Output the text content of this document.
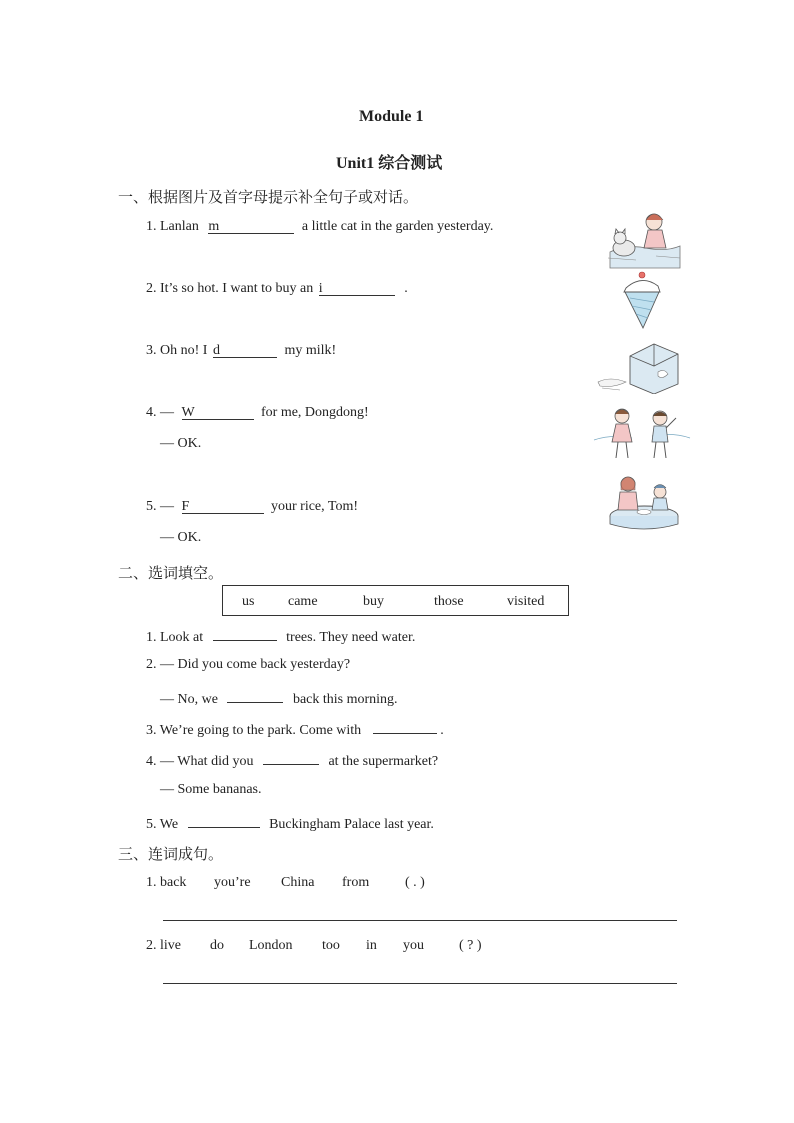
Module 1
Unit1 综合测试
一、根据图片及首字母提示补全句子或对话。
1. Lanlan m	a little cat in the garden yesterday.
2. It’s so hot. I want to buy an i	.
3. Oh no! I d	my milk!
4. — W	for me, Dongdong!
— OK.
5. — F	your rice, Tom!
— OK.
二、选词填空。
us came	buy	those	visited
1. Look at	trees. They need water.
2. — Did you come back yesterday?
— No, we	back this morning.
3. We’re going to the park. Come with	.
4. — What did you	at the supermarket?
— Some bananas.
5. We	Buckingham Palace last year.
三、连词成句。
1. back you’re China from	( . )
2. live do London too in you	( ? )
